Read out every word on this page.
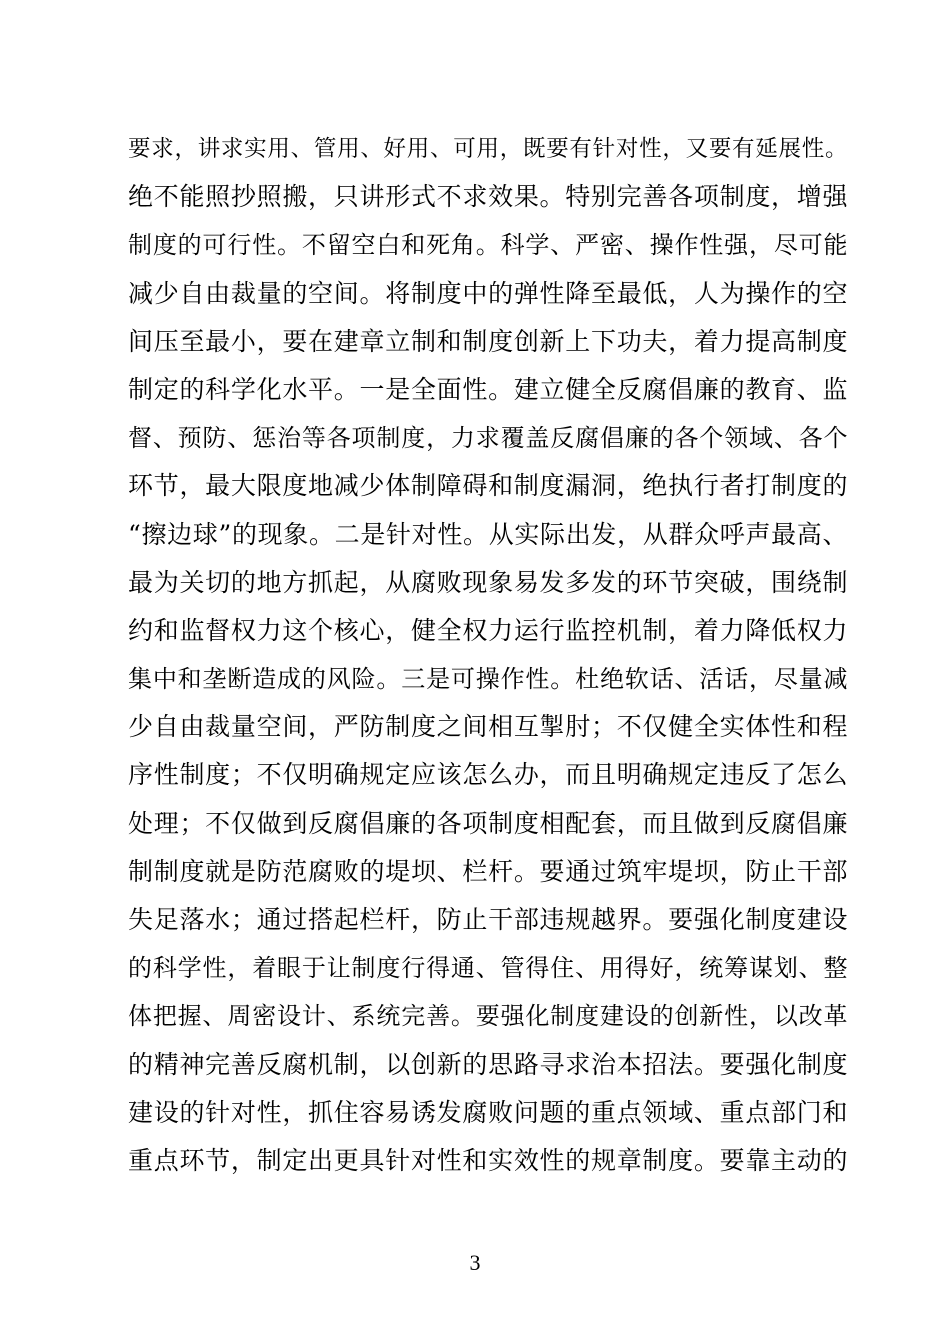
要求，讲求实用、管用、好用、可用，既要有针对性，又要有延展性。
绝不能照抄照搬，只讲形式不求效果。特别完善各项制度，增强
制度的可行性。不留空白和死角。科学、严密、操作性强，尽可能
减少自由裁量的空间。将制度中的弹性降至最低，人为操作的空
间压至最小，要在建章立制和制度创新上下功夫，着力提高制度
制定的科学化水平。一是全面性。建立健全反腐倡廉的教育、监
督、预防、惩治等各项制度，力求覆盖反腐倡廉的各个领域、各个
环节，最大限度地减少体制障碍和制度漏洞，绝执行者打制度的
“擦边球”的现象。二是针对性。从实际出发，从群众呼声最高、
最为关切的地方抓起，从腐败现象易发多发的环节突破，围绕制
约和监督权力这个核心，健全权力运行监控机制，着力降低权力
集中和垄断造成的风险。三是可操作性。杜绝软话、活话，尽量减
少自由裁量空间，严防制度之间相互掣肘；不仅健全实体性和程
序性制度；不仅明确规定应该怎么办，而且明确规定违反了怎么
处理；不仅做到反腐倡廉的各项制度相配套，而且做到反腐倡廉
制制度就是防范腐败的堤坝、栏杆。要通过筑牢堤坝，防止干部
失足落水；通过搭起栏杆，防止干部违规越界。要强化制度建设
的科学性，着眼于让制度行得通、管得住、用得好，统筹谋划、整
体把握、周密设计、系统完善。要强化制度建设的创新性，以改革
的精神完善反腐机制，以创新的思路寻求治本招法。要强化制度
建设的针对性，抓住容易诱发腐败问题的重点领域、重点部门和
重点环节，制定出更具针对性和实效性的规章制度。要靠主动的
3
